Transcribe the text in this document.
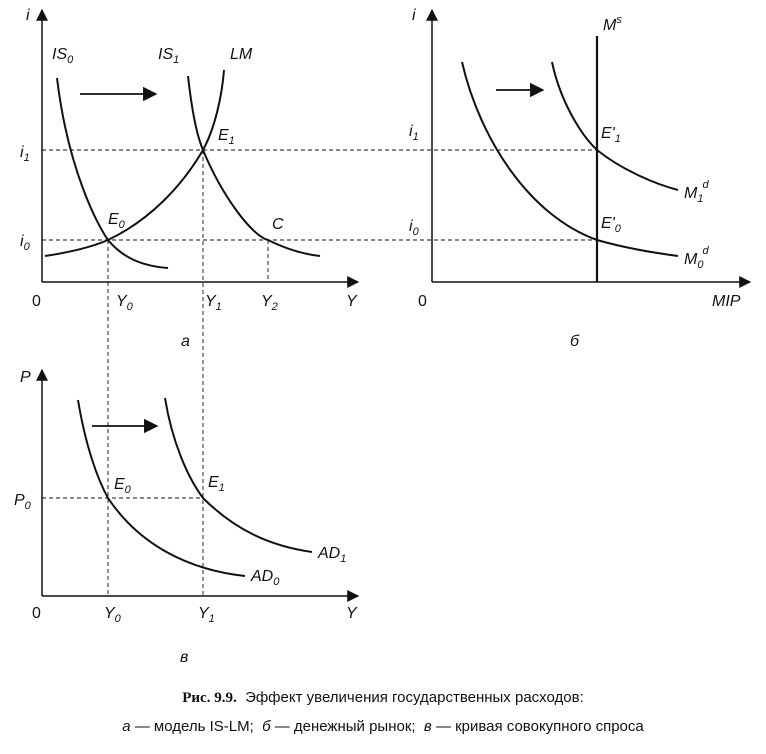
i
Y
0
$IS_0$	$IS_1$	LM
$E_1$
$E_0$	C
$i_1$
$i_0$
$Y_0$	$Y_1$ $Y_2$
а
i
MIP
0
$M^s$
$M_1d$
$M_0d$
$E'_1$
$E'_0$
$i_1$
$i_0$
б
P
Y
0
$AD_1$
$AD_0$
$E_0$	$E_1$
$P_0$
$Y_0$	$Y_1$
в
Рис. 9.9. Эффект увеличения государственных расходов:
а — модель IS-LM; б — денежный рынок; в — кривая совокупного спроса
